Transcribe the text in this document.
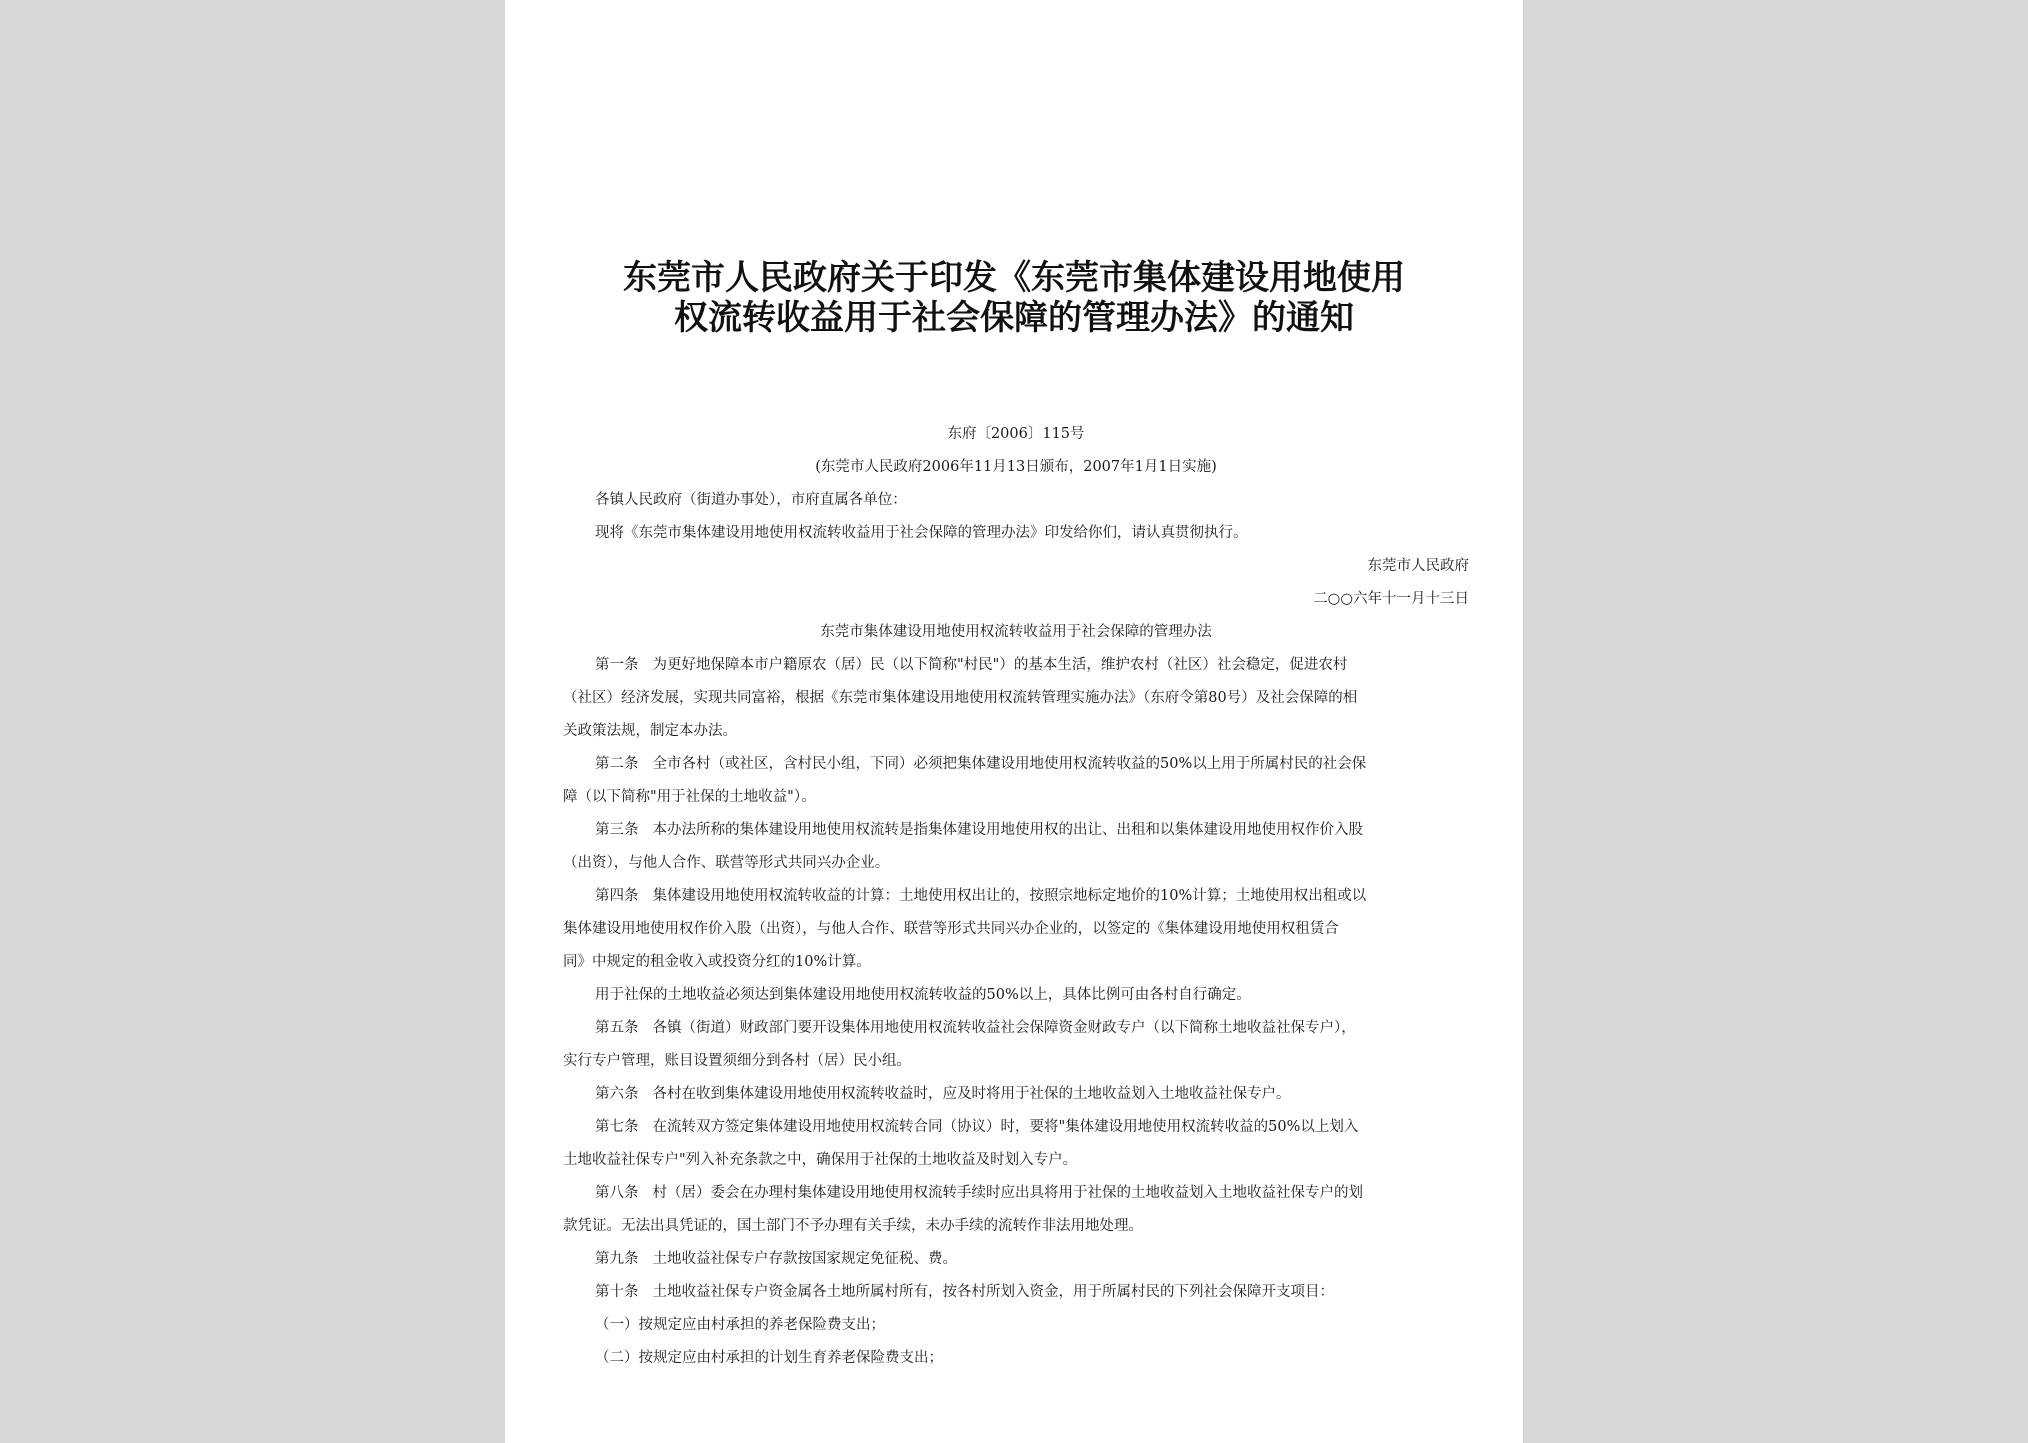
东莞市人民政府关于印发《东莞市集体建设用地使用
权流转收益用于社会保障的管理办法》的通知

东府〔2006〕115号

(东莞市人民政府2006年11月13日颁布，2007年1月1日实施)

各镇人民政府（街道办事处），市府直属各单位：

现将《东莞市集体建设用地使用权流转收益用于社会保障的管理办法》印发给你们，请认真贯彻执行。

东莞市人民政府

二○○六年十一月十三日

东莞市集体建设用地使用权流转收益用于社会保障的管理办法

第一条 为更好地保障本市户籍原农（居）民（以下简称"村民"）的基本生活，维护农村（社区）社会稳定，促进农村

（社区）经济发展，实现共同富裕，根据《东莞市集体建设用地使用权流转管理实施办法》（东府令第80号）及社会保障的相

关政策法规，制定本办法。

第二条 全市各村（或社区，含村民小组，下同）必须把集体建设用地使用权流转收益的50%以上用于所属村民的社会保

障（以下简称"用于社保的土地收益"）。

第三条 本办法所称的集体建设用地使用权流转是指集体建设用地使用权的出让、出租和以集体建设用地使用权作价入股

（出资），与他人合作、联营等形式共同兴办企业。

第四条 集体建设用地使用权流转收益的计算：土地使用权出让的，按照宗地标定地价的10%计算；土地使用权出租或以

集体建设用地使用权作价入股（出资），与他人合作、联营等形式共同兴办企业的，以签定的《集体建设用地使用权租赁合

同》中规定的租金收入或投资分红的10%计算。

用于社保的土地收益必须达到集体建设用地使用权流转收益的50%以上，具体比例可由各村自行确定。

第五条 各镇（街道）财政部门要开设集体用地使用权流转收益社会保障资金财政专户（以下简称土地收益社保专户），

实行专户管理，账目设置须细分到各村（居）民小组。

第六条 各村在收到集体建设用地使用权流转收益时，应及时将用于社保的土地收益划入土地收益社保专户。

第七条 在流转双方签定集体建设用地使用权流转合同（协议）时，要将"集体建设用地使用权流转收益的50%以上划入

土地收益社保专户"列入补充条款之中，确保用于社保的土地收益及时划入专户。

第八条 村（居）委会在办理村集体建设用地使用权流转手续时应出具将用于社保的土地收益划入土地收益社保专户的划

款凭证。无法出具凭证的，国土部门不予办理有关手续，未办手续的流转作非法用地处理。

第九条 土地收益社保专户存款按国家规定免征税、费。

第十条 土地收益社保专户资金属各土地所属村所有，按各村所划入资金，用于所属村民的下列社会保障开支项目：

（一）按规定应由村承担的养老保险费支出；

（二）按规定应由村承担的计划生育养老保险费支出；
